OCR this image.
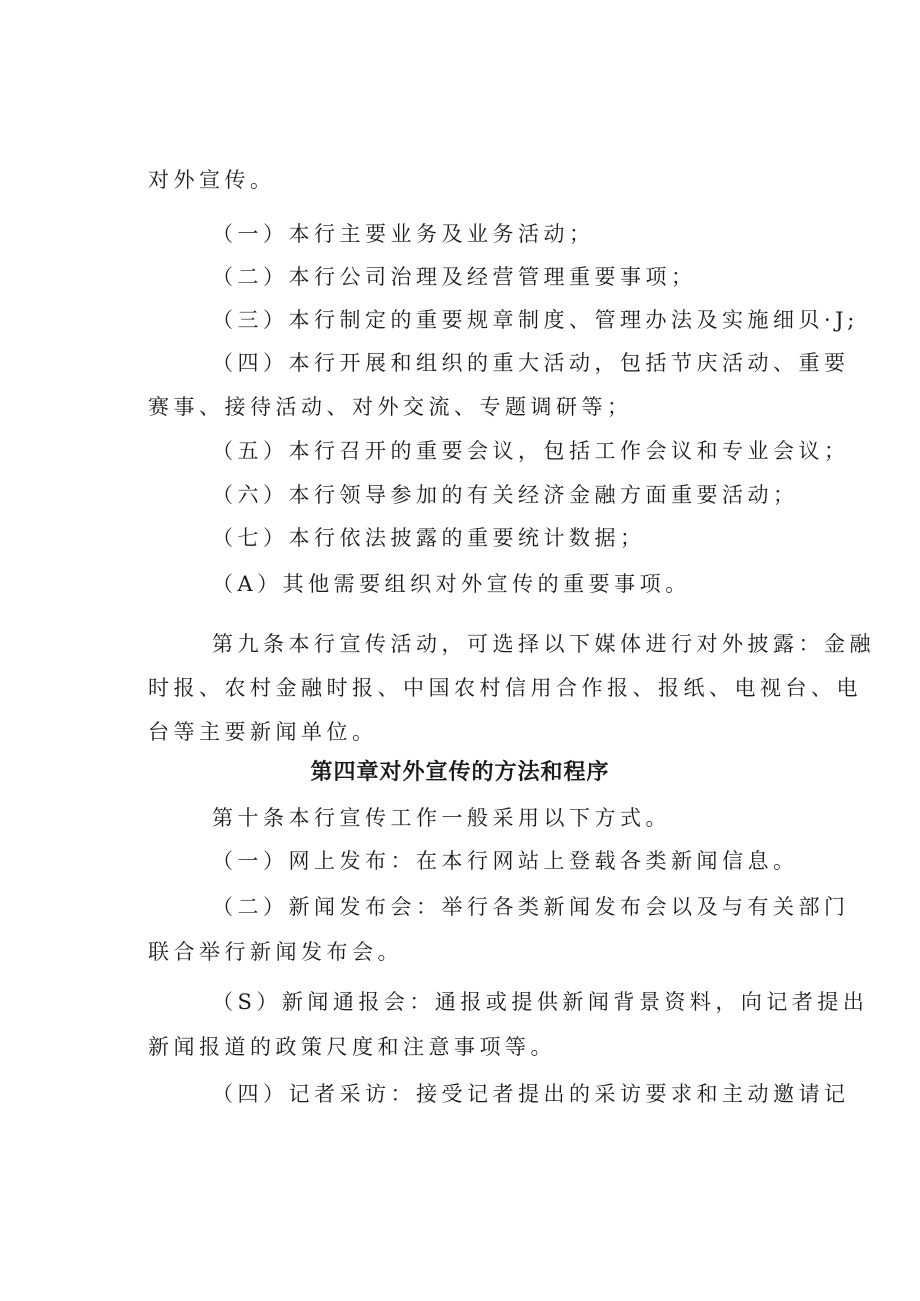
对外宣传。
（一）本行主要业务及业务活动；
（二）本行公司治理及经营管理重要事项；
（三）本行制定的重要规章制度、管理办法及实施细贝·J;
（四）本行开展和组织的重大活动，包括节庆活动、重要
赛事、接待活动、对外交流、专题调研等；
（五）本行召开的重要会议，包括工作会议和专业会议；
（六）本行领导参加的有关经济金融方面重要活动；
（七）本行依法披露的重要统计数据；
（A）其他需要组织对外宣传的重要事项。
第九条本行宣传活动，可选择以下媒体进行对外披露：金融
时报、农村金融时报、中国农村信用合作报、报纸、电视台、电
台等主要新闻单位。
第四章对外宣传的方法和程序
第十条本行宣传工作一般采用以下方式。
（一）网上发布：在本行网站上登载各类新闻信息。
（二）新闻发布会：举行各类新闻发布会以及与有关部门
联合举行新闻发布会。
（S）新闻通报会：通报或提供新闻背景资料，向记者提出
新闻报道的政策尺度和注意事项等。
（四）记者采访：接受记者提出的采访要求和主动邀请记
